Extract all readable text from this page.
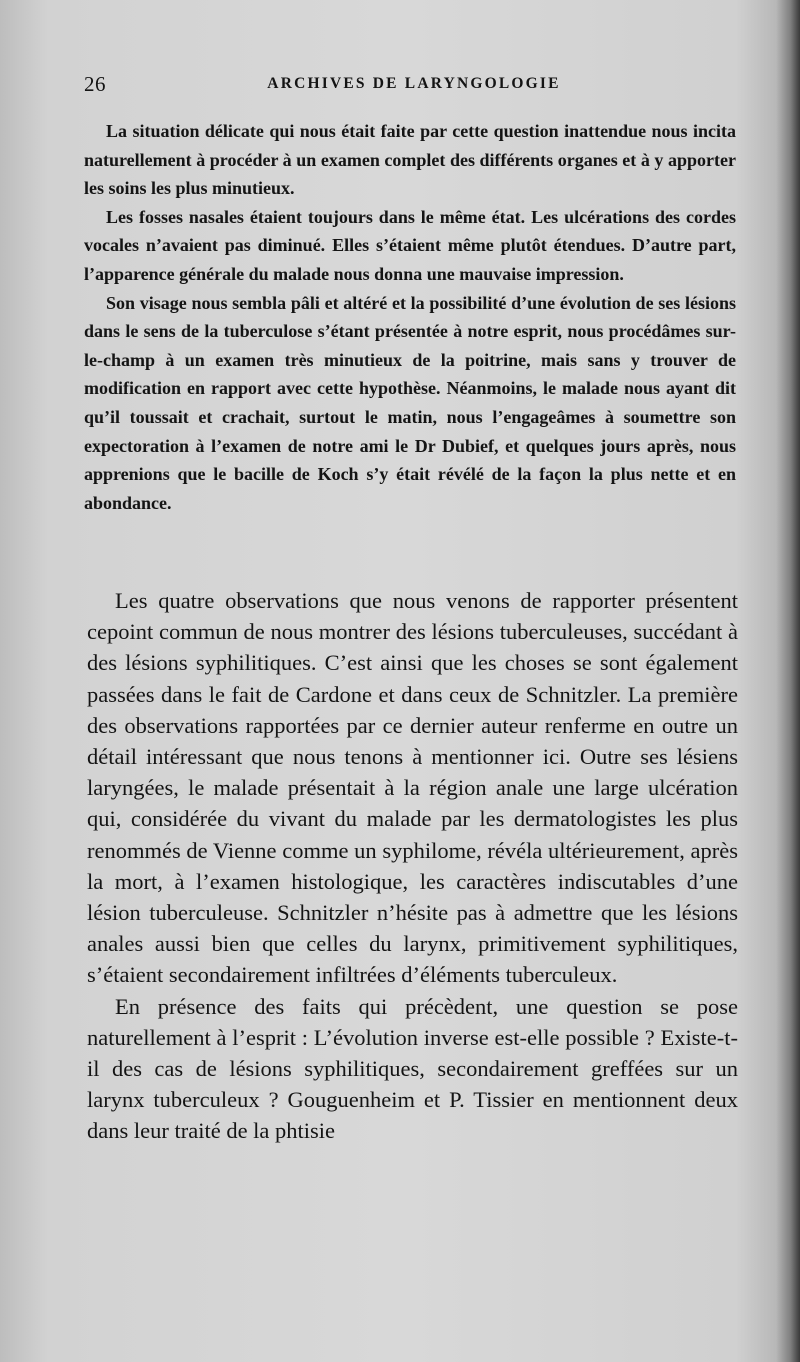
26	ARCHIVES DE LARYNGOLOGIE

La situation délicate qui nous était faite par cette question inattendue nous incita naturellement à procéder à un examen complet des différents organes et à y apporter les soins les plus minutieux.

Les fosses nasales étaient toujours dans le même état. Les ulcérations des cordes vocales n’avaient pas diminué. Elles s’étaient même plutôt étendues. D’autre part, l’apparence générale du malade nous donna une mauvaise impression.

Son visage nous sembla pâli et altéré et la possibilité d’une évolution de ses lésions dans le sens de la tuberculose s’étant présentée à notre esprit, nous procédâmes sur-le-champ à un examen très minutieux de la poitrine, mais sans y trouver de modification en rapport avec cette hypothèse. Néanmoins, le malade nous ayant dit qu’il toussait et crachait, surtout le matin, nous l’engageâmes à soumettre son expectoration à l’examen de notre ami le Dr Dubief, et quelques jours après, nous apprenions que le bacille de Koch s’y était révélé de la façon la plus nette et en abondance.

Les quatre observations que nous venons de rapporter présentent cepoint commun de nous montrer des lésions tuberculeuses, succédant à des lésions syphilitiques. C’est ainsi que les choses se sont également passées dans le fait de Cardone et dans ceux de Schnitzler. La première des observations rapportées par ce dernier auteur renferme en outre un détail intéressant que nous tenons à mentionner ici. Outre ses lésiens laryngées, le malade présentait à la région anale une large ulcération qui, considérée du vivant du malade par les dermatologistes les plus renommés de Vienne comme un syphilome, révéla ultérieurement, après la mort, à l’examen histologique, les caractères indiscutables d’une lésion tuberculeuse. Schnitzler n’hésite pas à admettre que les lésions anales aussi bien que celles du larynx, primitivement syphilitiques, s’étaient secondairement infiltrées d’éléments tuberculeux.

En présence des faits qui précèdent, une question se pose naturellement à l’esprit : L’évolution inverse est-elle possible ? Existe-t-il des cas de lésions syphilitiques, secondairement greffées sur un larynx tuberculeux ? Gouguenheim et P. Tissier en mentionnent deux dans leur traité de la phtisie
